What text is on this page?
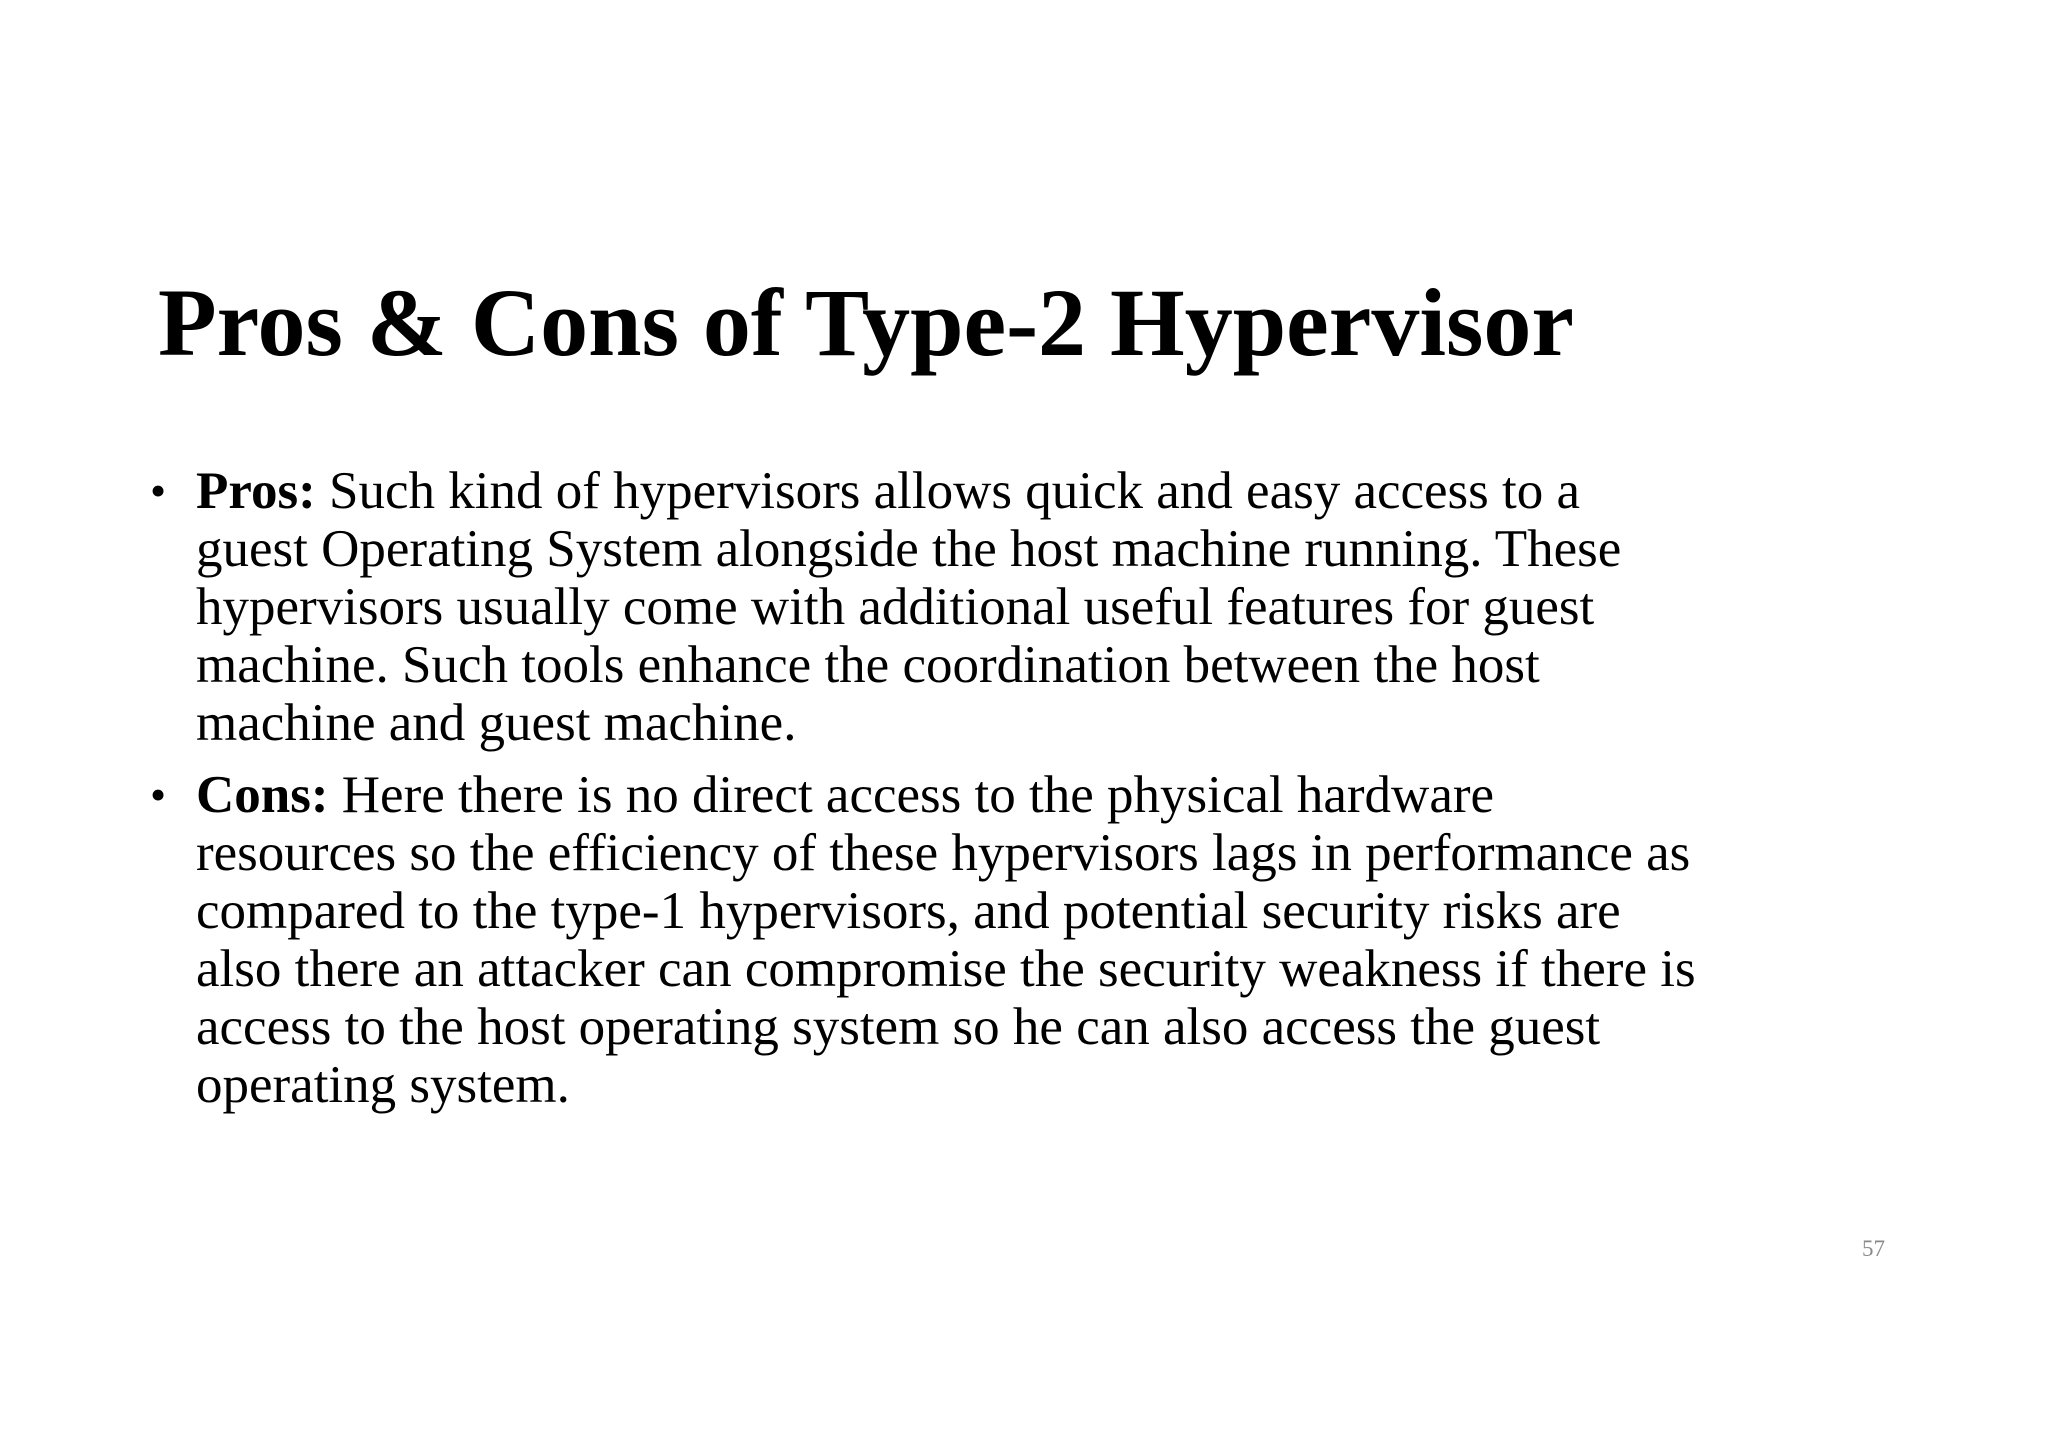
Pros & Cons of Type-2 Hypervisor
• Pros: Such kind of hypervisors allows quick and easy access to a
guest Operating System alongside the host machine running. These
hypervisors usually come with additional useful features for guest
machine. Such tools enhance the coordination between the host
machine and guest machine.
• Cons: Here there is no direct access to the physical hardware
resources so the efficiency of these hypervisors lags in performance as
compared to the type-1 hypervisors, and potential security risks are
also there an attacker can compromise the security weakness if there is
access to the host operating system so he can also access the guest
operating system.
57
